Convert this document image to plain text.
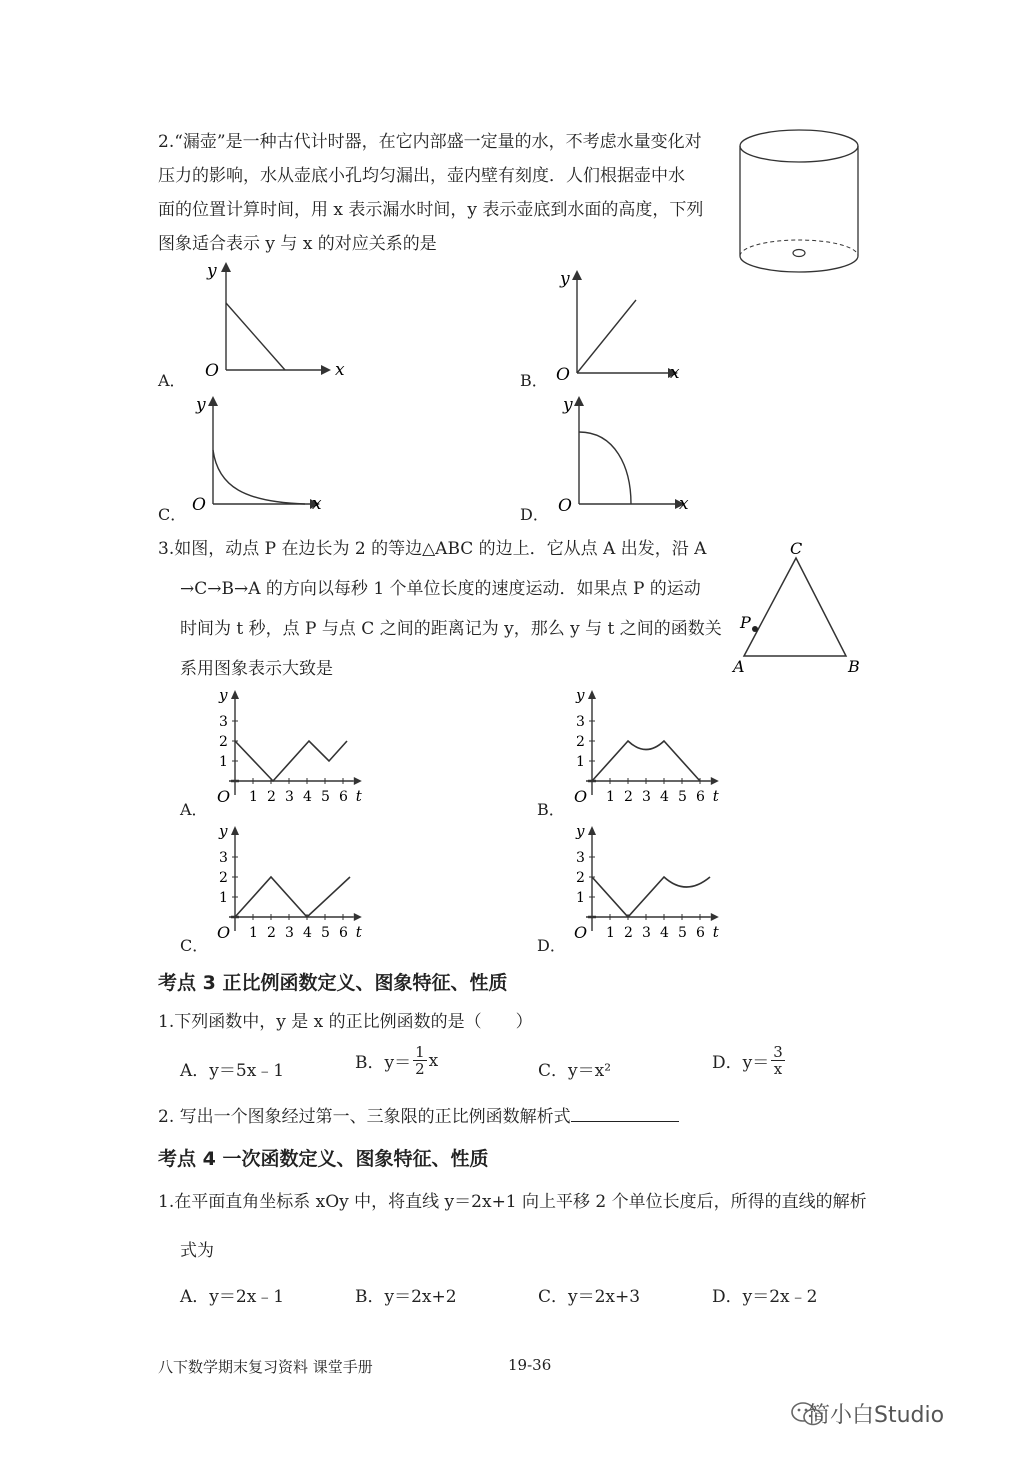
2.“漏壶”是一种古代计时器，在它内部盛一定量的水，不考虑水量变化对
压力的影响，水从壶底小孔均匀漏出，壶内壁有刻度．人们根据壶中水
面的位置计算时间，用 x 表示漏水时间，y 表示壶底到水面的高度，下列
图象适合表示 y 与 x 的对应关系的是
y
x
O
A．
y
x
O
B．
y
x
O
C．
y
x
O
D．
3.如图，动点 P 在边长为 2 的等边△ABC 的边上．它从点 A 出发，沿 A
→C→B→A 的方向以每秒 1 个单位长度的速度运动．如果点 P 的运动
时间为 t 秒，点 P 与点 C 之间的距离记为 y，那么 y 与 t 之间的函数关
系用图象表示大致是
C
A	B
P
y
t
O
1
2
3
1 2 3 4 5 6
A．
y
t
O
1
2
3
1 2 3 4 5 6
B．
y
t
O
1
2
3
1 2 3 4 5 6
C．
y
t
O
1
2
3
1 2 3 4 5 6
D．
考点 3 正比例函数定义、图象特征、性质
1.下列函数中，y 是 x 的正比例函数的是（　　）
A．y＝5x﹣1	B．$y= \frac{1}{2}$ x
C．y＝x²	D．$y= \frac{3}{x}$
2. 写出一个图象经过第一、三象限的正比例函数解析式
考点 4 一次函数定义、图象特征、性质
1.在平面直角坐标系 xOy 中，将直线 y＝2x+1 向上平移 2 个单位长度后，所得的直线的解析
式为
A．y＝2x﹣1	B．y＝2x+2	C．y＝2x+3	D．y＝2x﹣2
八下数学期末复习资料 课堂手册	19-36
简小白Studio
